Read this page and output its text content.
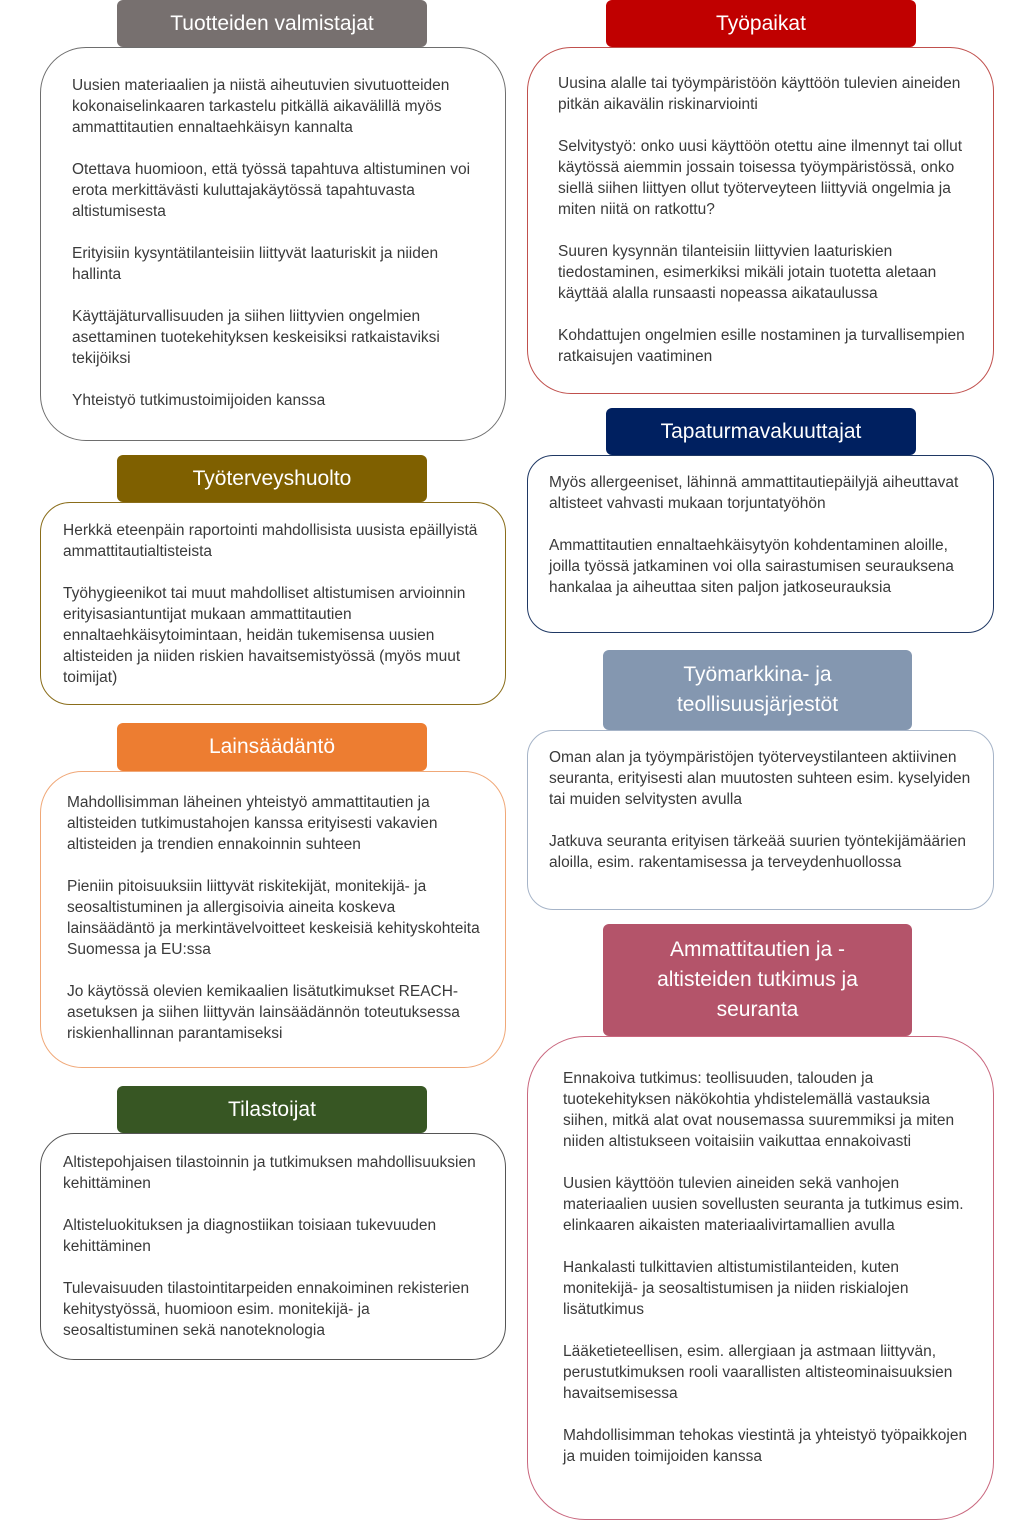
Uusien materiaalien ja niistä aiheutuvien sivutuotteiden kokonaiselinkaaren tarkastelu pitkällä aikavälillä myös ammattitautien ennaltaehkäisyn kannalta

Otettava huomioon, että työssä tapahtuva altistuminen voi erota merkittävästi kuluttajakäytössä tapahtuvasta altistumisesta

Erityisiin kysyntätilanteisiin liittyvät laaturiskit ja niiden hallinta

Käyttäjäturvallisuuden ja siihen liittyvien ongelmien asettaminen tuotekehityksen keskeisiksi ratkaistaviksi tekijöiksi

Yhteistyö tutkimustoimijoiden kanssa

Tuotteiden valmistajat

Uusina alalle tai työympäristöön käyttöön tulevien aineiden pitkän aikavälin riskinarviointi

Selvitystyö: onko uusi käyttöön otettu aine ilmennyt tai ollut käytössä aiemmin jossain toisessa työympäristössä, onko siellä siihen liittyen ollut työterveyteen liittyviä ongelmia ja miten niitä on ratkottu?

Suuren kysynnän tilanteisiin liittyvien laaturiskien tiedostaminen, esimerkiksi mikäli jotain tuotetta aletaan käyttää alalla runsaasti nopeassa aikataulussa

Kohdattujen ongelmien esille nostaminen ja turvallisempien ratkaisujen vaatiminen

Työpaikat

Herkkä eteenpäin raportointi mahdollisista uusista epäillyistä ammattitautialtisteista

Työhygieenikot tai muut mahdolliset altistumisen arvioinnin erityisasiantuntijat mukaan ammattitautien ennaltaehkäisytoimintaan, heidän tukemisensa uusien altisteiden ja niiden riskien havaitsemistyössä (myös muut toimijat)

Työterveyshuolto	Myös allergeeniset, lähinnä ammattitautiepäilyjä aiheuttavat altisteet vahvasti mukaan torjuntatyöhön

Ammattitautien ennaltaehkäisytyön kohdentaminen aloille, joilla työssä jatkaminen voi olla sairastumisen seurauksena hankalaa ja aiheuttaa siten paljon jatkoseurauksia

Tapaturmavakuuttajat

Oman alan ja työympäristöjen työterveystilanteen aktiivinen seuranta, erityisesti alan muutosten suhteen esim. kyselyiden tai muiden selvitysten avulla

Jatkuva seuranta erityisen tärkeää suurien työntekijämäärien aloilla, esim. rakentamisessa ja terveydenhuollossa

Työmarkkina- ja teollisuusjärjestöt

Mahdollisimman läheinen yhteistyö ammattitautien ja altisteiden tutkimustahojen kanssa erityisesti vakavien altisteiden ja trendien ennakoinnin suhteen

Pieniin pitoisuuksiin liittyvät riskitekijät, monitekijä- ja seosaltistuminen ja allergisoivia aineita koskeva lainsäädäntö ja merkintävelvoitteet keskeisiä kehityskohteita Suomessa ja EU:ssa

Jo käytössä olevien kemikaalien lisätutkimukset REACH-asetuksen ja siihen liittyvän lainsäädännön toteutuksessa riskienhallinnan parantamiseksi

Lainsäädäntö

Ennakoiva tutkimus: teollisuuden, talouden ja tuotekehityksen näkökohtia yhdistelemällä vastauksia siihen, mitkä alat ovat nousemassa suuremmiksi ja miten niiden altistukseen voitaisiin vaikuttaa ennakoivasti

Uusien käyttöön tulevien aineiden sekä vanhojen materiaalien uusien sovellusten seuranta ja tutkimus esim. elinkaaren aikaisten materiaalivirtamallien avulla

Hankalasti tulkittavien altistumistilanteiden, kuten monitekijä- ja seosaltistumisen ja niiden riskialojen lisätutkimus

Lääketieteellisen, esim. allergiaan ja astmaan liittyvän, perustutkimuksen rooli vaarallisten altisteominaisuuksien havaitsemisessa

Mahdollisimman tehokas viestintä ja yhteistyö työpaikkojen ja muiden toimijoiden kanssa

Ammattitautien ja -altisteiden tutkimus ja seuranta

Altistepohjaisen tilastoinnin ja tutkimuksen mahdollisuuksien kehittäminen

Altisteluokituksen ja diagnostiikan toisiaan tukevuuden kehittäminen

Tulevaisuuden tilastointitarpeiden ennakoiminen rekisterien kehitystyössä, huomioon esim. monitekijä- ja seosaltistuminen sekä nanoteknologia

Tilastoijat
